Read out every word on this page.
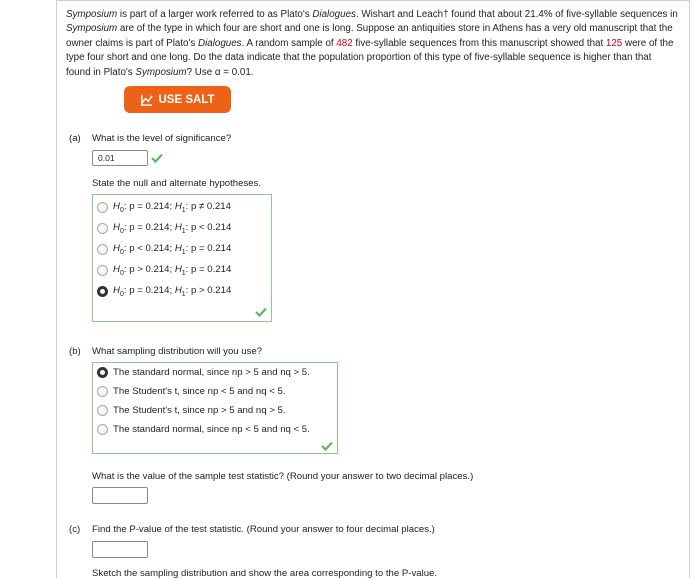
Symposium is part of a larger work referred to as Plato's Dialogues. Wishart and Leach† found that about 21.4% of five-syllable sequences in Symposium are of the type in which four are short and one is long. Suppose an antiquities store in Athens has a very old manuscript that the owner claims is part of Plato's Dialogues. A random sample of 482 five-syllable sequences from this manuscript showed that 125 were of the type four short and one long. Do the data indicate that the population proportion of this type of five-syllable sequence is higher than that found in Plato's Symposium? Use α = 0.01.
USE SALT
(a) What is the level of significance?
0.01
State the null and alternate hypotheses.
$H_0$: p = 0.214; $H_1$: p ≠ 0.214
$H_0$: p = 0.214; $H_1$: p < 0.214
$H_0$: p < 0.214; $H_1$: p = 0.214
$H_0$: p > 0.214; $H_1$: p = 0.214
$H_0$: p = 0.214; $H_1$: p > 0.214
(b) What sampling distribution will you use?
The standard normal, since np > 5 and nq > 5.
The Student's t, since np < 5 and nq < 5.
The Student's t, since np > 5 and nq > 5.
The standard normal, since np < 5 and nq < 5.
What is the value of the sample test statistic? (Round your answer to two decimal places.)
(c) Find the P-value of the test statistic. (Round your answer to four decimal places.)
Sketch the sampling distribution and show the area corresponding to the P-value.
